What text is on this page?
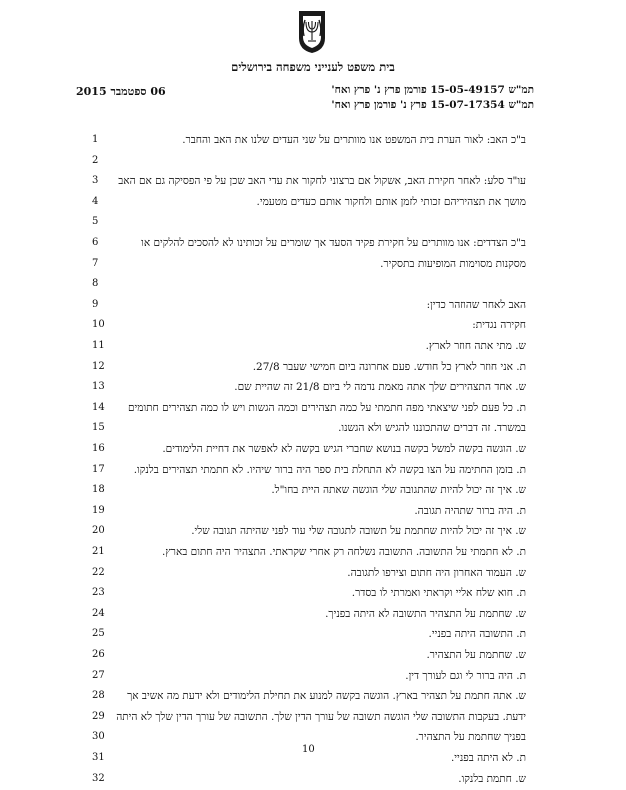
בית משפט לענייני משפחה בירושלים
06 ספטמבר 2015	תמ"ש 15-05-49157 פורמן פרץ נ' פרץ ואח'
תמ"ש 15-07-17354 פרץ נ' פורמן פרץ ואח'
1	ב"כ האב: לאור הערת בית המשפט אנו מוותרים על שני העדים שלנו את האב והחבר.
2
3	עו"ד סלע: לאחר חקירת האב, אשקול אם ברצוני לחקור את עדי האב שכן על פי הפסיקה גם אם האב
4	מושך את תצהיריהם זכותי לזמן אותם ולחקור אותם כעדים מטעמי.
5
6	ב"כ הצדדים: אנו מוותרים על חקירת פקיד הסעד אך שומרים על זכותינו לא להסכים להלקים או
7	מסקנות מסוימות המופיעות בתסקיר.
8
9	האב לאחר שהוזהר כדין:
10	חקירה נגדית:
11	ש. מתי אתה חוזר לארץ.
12	ת. אני חוזר לארץ כל חודש. פעם אחרונה ביום חמישי שעבר 27/8.
13	ש. אחד התצהירים שלך אתה מאמת נדמה לי ביום 21/8 זה שהיית שם.
14	ת. כל פעם לפני שיצאתי מפה חתמתי על כמה תצהירים וכמה הגשות ויש לו כמה תצהירים חתומים
15	במשרד. זה דברים שהתכוננו להגיש ולא הגשנו.
16	ש. הוגשה בקשה למשל בקשה בנושא שחברי הגיש בקשה לא לאפשר את דחיית הלימודים.
17	ת. בזמן החתימה על הצו בקשה לא התחלת בית ספר היה ברור שיהיו. לא חתמתי תצהירים בלנקו.
18	ש. איך זה יכול להיות שהתגובה שלי הוגשה שאתה היית בחו"ל.
19	ת. היה ברור שתהיה תגובה.
20	ש. איך זה יכול להיות שחתמת על תשובה לתגובה שלי עוד לפני שהיתה תגובה שלי.
21	ת. לא חתמתי על התשובה. התשובה נשלחה רק אחרי שקראתי. התצהיר היה חתום בארץ.
22	ש. העמוד האחרון היה חתום וצירפו לתגובה.
23	ת. חוא שלח אליי וקראתי ואמרתי לו בסדר.
24	ש. שחתמת על התצהיר התשובה לא היתה בפניך.
25	ת. התשובה היתה בפניי.
26	ש. שחתמת על התצהיר.
27	ת. היה ברור לי וגם לעורך דין.
28	ש. אתה חתמת על תצהיר בארץ. הוגשה בקשה למנוע את תחילת הלימודים ולא ידעת מה אשיב אך
29	ידעת. בעקבות התשובה שלי הוגשה תשובה של עורך הדין שלך. התשובה של עורך הדין שלך לא היתה
30	בפניך שחתמת על התצהיר.
31	ת. לא היתה בפניי.
32	ש. חתמת בלנקו.
10
